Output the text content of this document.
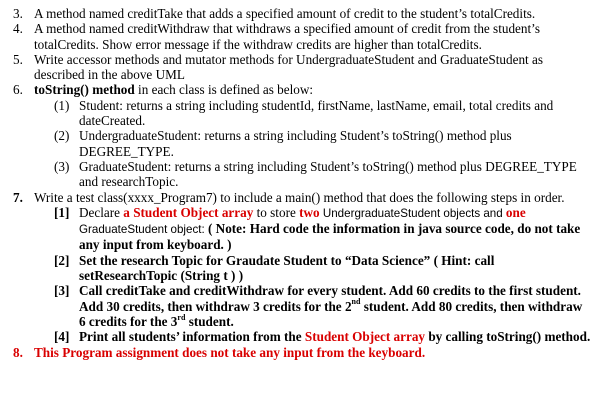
3. A method named creditTake that adds a specified amount of credit to the student’s totalCredits.
4. A method named creditWithdraw that withdraws a specified amount of credit from the student’s
totalCredits. Show error message if the withdraw credits are higher than totalCredits.
5. Write accessor methods and mutator methods for UndergraduateStudent and GraduateStudent as
described in the above UML
6. toString() method in each class is defined as below:
(1) Student: returns a string including studentId, firstName, lastName, email, total credits and
dateCreated.
(2) UndergraduateStudent: returns a string including Student’s toString() method plus
DEGREE_TYPE.
(3) GraduateStudent: returns a string including Student’s toString() method plus DEGREE_TYPE
and researchTopic.
7. Write a test class(xxxx_Program7) to include a main() method that does the following steps in order.
[1] Declare a Student Object array to store two UndergraduateStudent objects and one
GraduateStudent object: ( Note: Hard code the information in java source code, do not take
any input from keyboard. )
[2] Set the research Topic for Graudate Student to “Data Science” ( Hint: call
setResearchTopic (String t ) )
[3] Call creditTake and creditWithdraw for every student. Add 60 credits to the first student.
Add 30 credits, then withdraw 3 credits for the 2nd student. Add 80 credits, then withdraw
6 credits for the 3rd student.
[4] Print all students’ information from the Student Object array by calling toString() method.
8. This Program assignment does not take any input from the keyboard.
